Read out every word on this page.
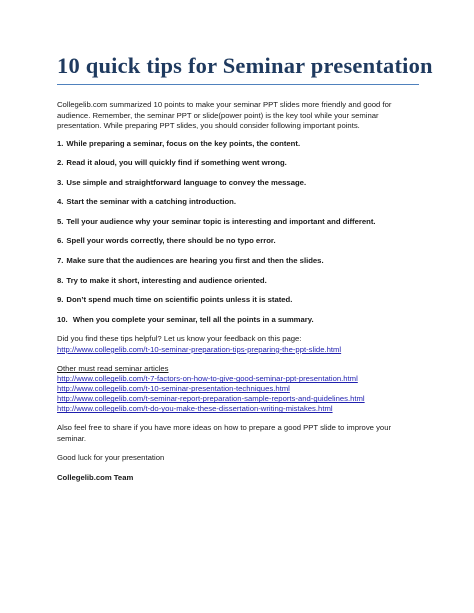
10 quick tips for Seminar presentation

Collegelib.com summarized 10 points to make your seminar PPT slides more friendly and good for audience. Remember, the seminar PPT or slide(power point) is the key tool while your seminar presentation. While preparing PPT slides, you should consider following important points.

1. While preparing a seminar, focus on the key points, the content.
2. Read it aloud, you will quickly find if something went wrong.
3. Use simple and straightforward language to convey the message.
4. Start the seminar with a catching introduction.
5. Tell your audience why your seminar topic is interesting and important and different.
6. Spell your words correctly, there should be no typo error.
7. Make sure that the audiences are hearing you first and then the slides.
8. Try to make it short, interesting and audience oriented.
9. Don’t spend much time on scientific points unless it is stated.
10. When you complete your seminar, tell all the points in a summary.

Did you find these tips helpful? Let us know your feedback on this page:

http://www.collegelib.com/t-10-seminar-preparation-tips-preparing-the-ppt-slide.html

Other must read seminar articles

http://www.collegelib.com/t-7-factors-on-how-to-give-good-seminar-ppt-presentation.html
http://www.collegelib.com/t-10-seminar-presentation-techniques.html
http://www.collegelib.com/t-seminar-report-preparation-sample-reports-and-guidelines.html
http://www.collegelib.com/t-do-you-make-these-dissertation-writing-mistakes.html

Also feel free to share if you have more ideas on how to prepare a good PPT slide to improve your seminar.

Good luck for your presentation

Collegelib.com Team
